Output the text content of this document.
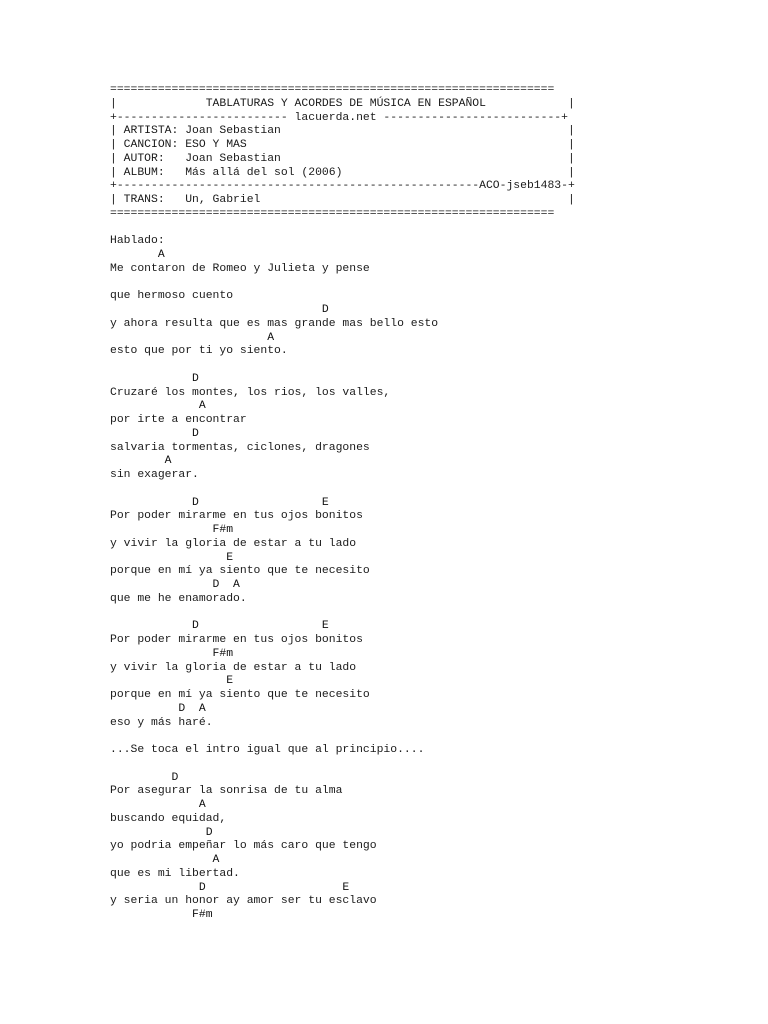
=================================================================
|             TABLATURAS Y ACORDES DE MÚSICA EN ESPAÑOL            |
+------------------------- lacuerda.net --------------------------+
| ARTISTA: Joan Sebastian                                          |
| CANCION: ESO Y MAS                                               |
| AUTOR:   Joan Sebastian                                          |
| ALBUM:   Más allá del sol (2006)                                 |
+-----------------------------------------------------ACO-jseb1483-+
| TRANS:   Un, Gabriel                                             |
=================================================================
Hablado:
A
Me contaron de Romeo y Julieta y pense
que hermoso cuento
D
y ahora resulta que es mas grande mas bello esto
A
esto que por ti yo siento.
D
Cruzaré los montes, los rios, los valles,
A
por irte a encontrar
D
salvaria tormentas, ciclones, dragones
A
sin exagerar.
D                  E
Por poder mirarme en tus ojos bonitos
F#m
y vivir la gloria de estar a tu lado
E
porque en mí ya siento que te necesito
D  A
que me he enamorado.
D                  E
Por poder mirarme en tus ojos bonitos
F#m
y vivir la gloria de estar a tu lado
E
porque en mí ya siento que te necesito
D  A
eso y más haré.
...Se toca el intro igual que al principio....
D
Por asegurar la sonrisa de tu alma
A
buscando equidad,
D
yo podria empeñar lo más caro que tengo
A
que es mi libertad.
D                    E
y seria un honor ay amor ser tu esclavo
F#m
